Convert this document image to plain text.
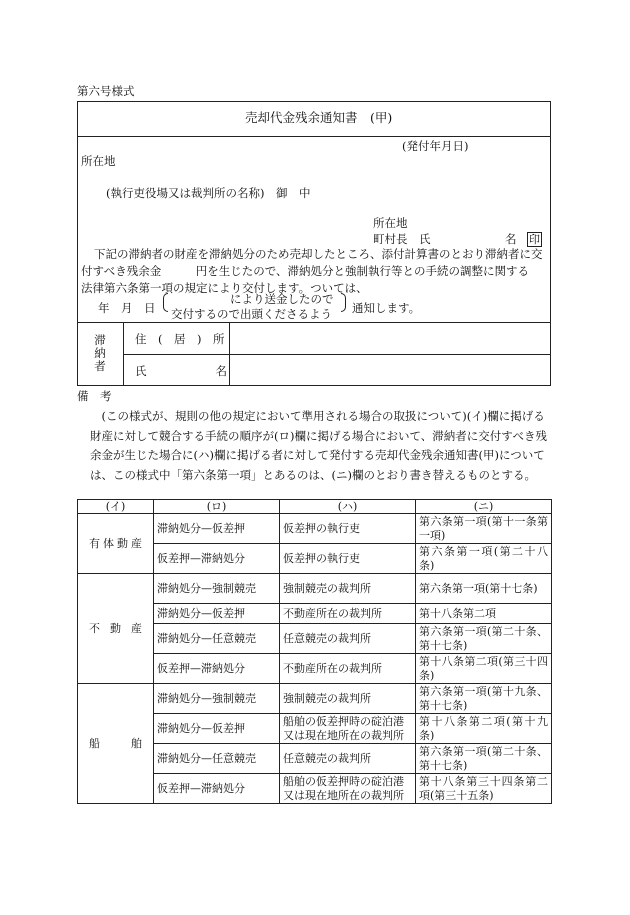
第六号様式
売却代金残余通知書　(甲)
(発付年月日)
所在地
(執行吏役場又は裁判所の名称)　御　中
所在地
町村長　氏	名 印
下記の滞納者の財産を滞納処分のため売却したところ、添付計算書のとおり滞納者に交
付すべき残余金　　　円を生じたので、滞納処分と強制執行等との手続の調整に関する
法律第六条第一項の規定により交付します。ついては、
年　月　日
により送金したので
交付するので出頭くださるよう 通知します。
滞納者
住　(　居　)　所
氏　　　　　　名
備　考

(この様式が、規則の他の規定において準用される場合の取扱について)(イ)欄に掲げる財産に対して競合する手続の順序が(ロ)欄に掲げる場合において、滞納者に交付すべき残余金が生じた場合に(ハ)欄に掲げる者に対して発付する売却代金残余通知書(甲)については、この様式中「第六条第一項」とあるのは、(ニ)欄のとおり書き替えるものとする。

(イ)	(ロ)	(ハ)	(ニ)
有体動産	滞納処分—仮差押	仮差押の執行吏	第六条第一項(第十一条第一項)
	仮差押—滞納処分	仮差押の執行吏	第六条第一項(第二十八条)
不動産	滞納処分—強制競売	強制競売の裁判所	第六条第一項(第十七条)
	滞納処分—仮差押	不動産所在の裁判所	第十八条第二項
	滞納処分—任意競売	任意競売の裁判所	第六条第一項(第二十条、第十七条)
	仮差押—滞納処分	不動産所在の裁判所	第十八条第二項(第三十四条)
船舶	滞納処分—強制競売	強制競売の裁判所	第六条第一項(第十九条、第十七条)
	滞納処分—仮差押	船舶の仮差押時の碇泊港又は現在地所在の裁判所	第十八条第二項(第十九条)
	滞納処分—任意競売	任意競売の裁判所	第六条第一項(第二十条、第十七条)
	仮差押—滞納処分	船舶の仮差押時の碇泊港又は現在地所在の裁判所	第十八条第三十四条第二項(第三十五条)
